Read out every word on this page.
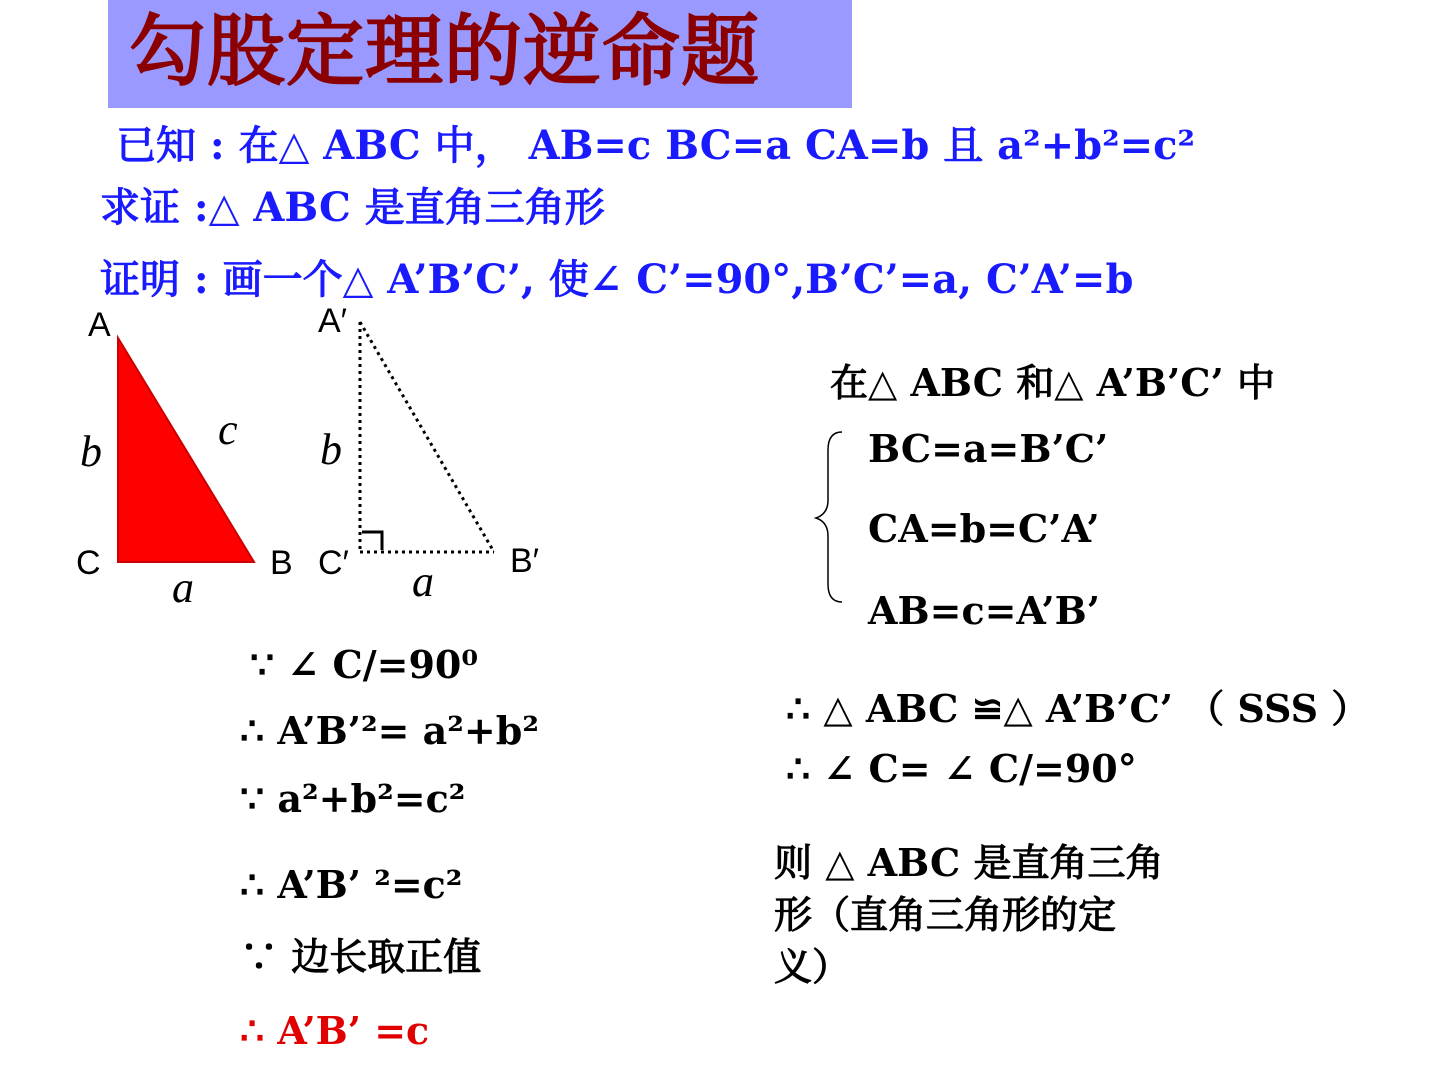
勾股定理的逆命题
已知 : 在△ ABC 中， AB=c BC=a CA=b 且 a²+b²=c²
求证 :△ ABC 是直角三角形
证明 : 画一个△ A’B’C’, 使∠ C’=90°,B’C’=a, C’A’=b
A
C	B
b	c
a
A′
C′	B′
b
a
∵ ∠ C/=90⁰
∴ A’B’²= a²+b²
∵ a²+b²=c²
∴ A’B’ ²=c²
∵ 边长取正值
∴ A’B’ =c
在△ ABC 和△ A’B’C’ 中
BC=a=B’C’
CA=b=C’A’
AB=c=A’B’
∴ △ ABC ≌△ A’B’C’ （ SSS ）
∴ ∠ C= ∠ C/=90°
则 △ ABC 是直角三角
形（直角三角形的定
义）
